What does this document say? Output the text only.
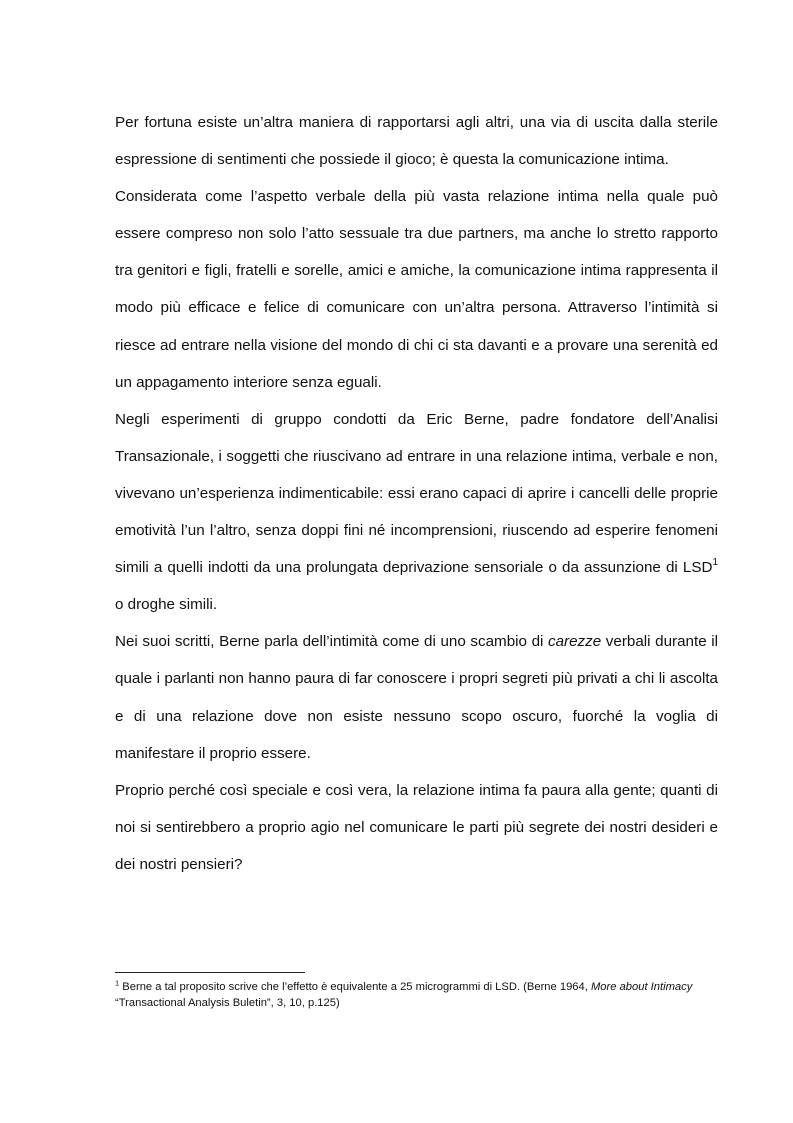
Per fortuna esiste un’altra maniera di rapportarsi agli altri, una via di uscita dalla sterile espressione di sentimenti che possiede il gioco; è questa la comunicazione intima.

Considerata come l’aspetto verbale della più vasta relazione intima nella quale può essere compreso non solo l’atto sessuale tra due partners, ma anche lo stretto rapporto tra genitori e figli, fratelli e sorelle, amici e amiche, la comunicazione intima rappresenta il modo più efficace e felice di comunicare con un’altra persona. Attraverso l’intimità si riesce ad entrare nella visione del mondo di chi ci sta davanti e a provare una serenità ed un appagamento interiore senza eguali.

Negli esperimenti di gruppo condotti da Eric Berne, padre fondatore dell’Analisi Transazionale, i soggetti che riuscivano ad entrare in una relazione intima, verbale e non, vivevano un’esperienza indimenticabile: essi erano capaci di aprire i cancelli delle proprie emotività l’un l’altro, senza doppi fini né incomprensioni, riuscendo ad esperire fenomeni simili a quelli indotti da una prolungata deprivazione sensoriale o da assunzione di LSD$^1$ o droghe simili.

Nei suoi scritti, Berne parla dell’intimità come di uno scambio di carezze verbali durante il quale i parlanti non hanno paura di far conoscere i propri segreti più privati a chi li ascolta e di una relazione dove non esiste nessuno scopo oscuro, fuorché la voglia di manifestare il proprio essere.

Proprio perché così speciale e così vera, la relazione intima fa paura alla gente; quanti di noi si sentirebbero a proprio agio nel comunicare le parti più segrete dei nostri desideri e dei nostri pensieri?

$^1$ Berne a tal proposito scrive che l’effetto è equivalente a 25 microgrammi di LSD. (Berne 1964, More about Intimacy “Transactional Analysis Buletin”, 3, 10, p.125)
